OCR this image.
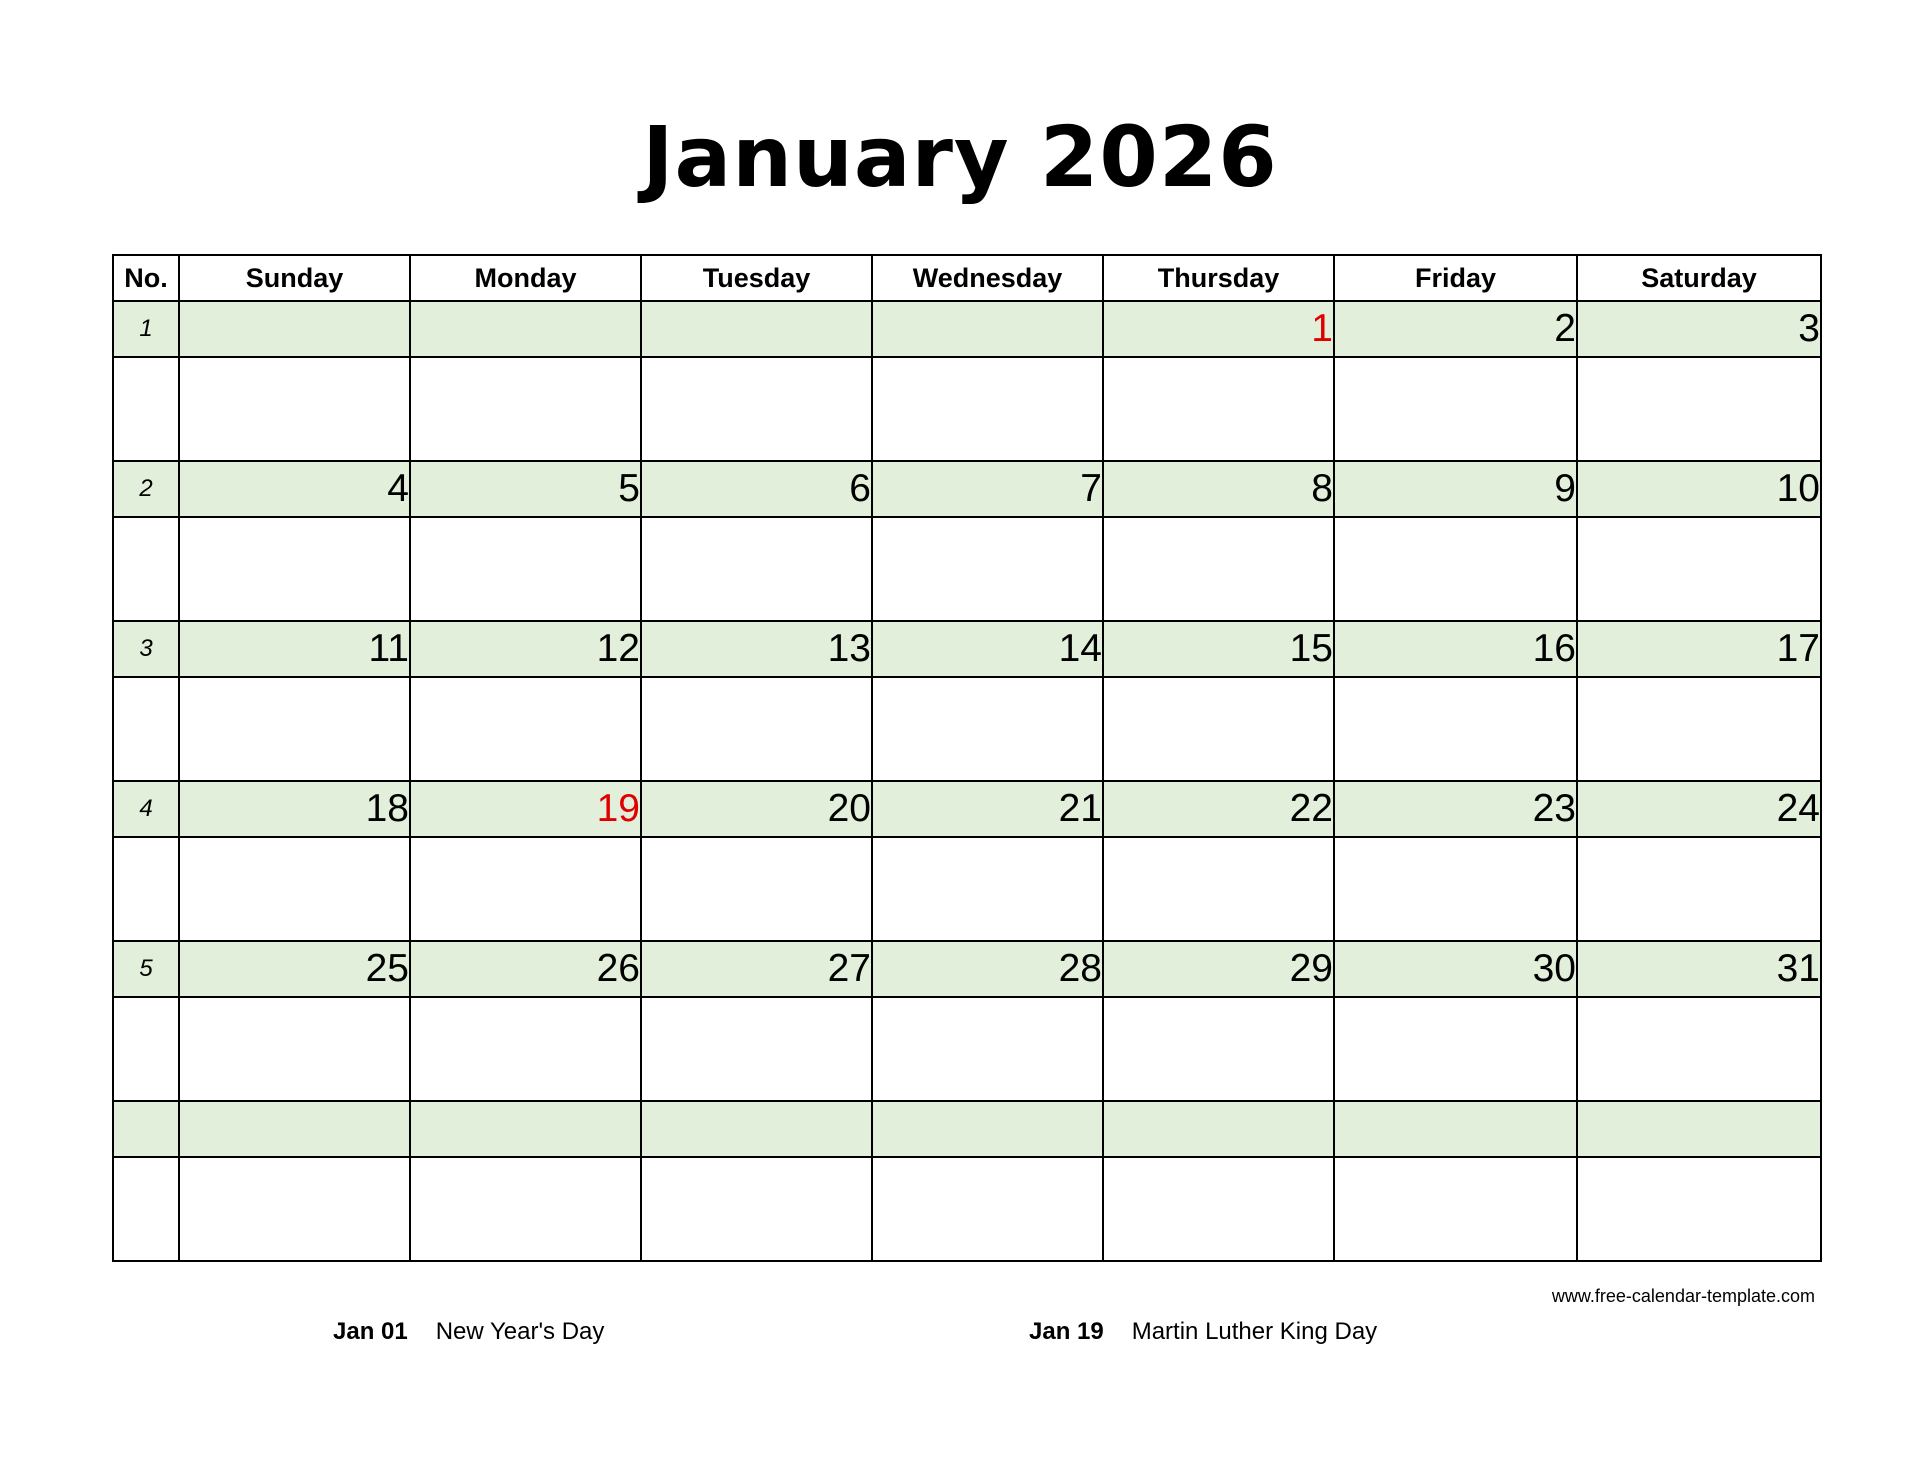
January 2026
No.	Sunday	Monday	Tuesday	Wednesday	Thursday	Friday	Saturday
1					1	2	3

2	4	5	6	7	8	9	10

3	11	12	13	14	15	16	17

4	18	19	20	21	22	23	24

5	25	26	27	28	29	30	31

www.free-calendar-template.com
Jan 01 New Year's Day	Jan 19 Martin Luther King Day
